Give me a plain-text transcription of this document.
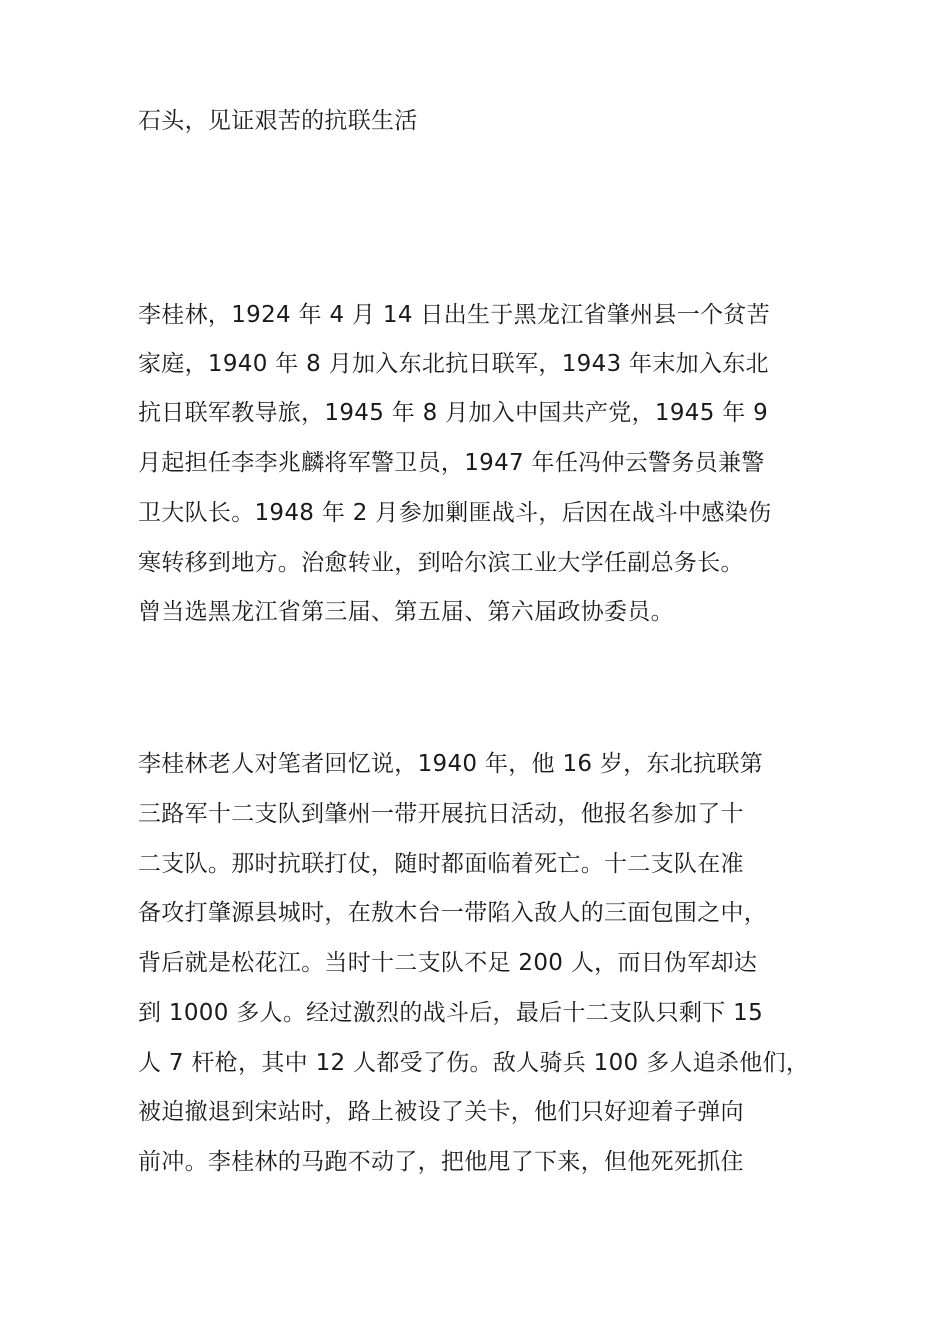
石头，见证艰苦的抗联生活

李桂林，1924 年 4 月 14 日出生于黑龙江省肇州县一个贫苦

家庭，1940 年 8 月加入东北抗日联军，1943 年末加入东北

抗日联军教导旅，1945 年 8 月加入中国共产党，1945 年 9

月起担任李李兆麟将军警卫员，1947 年任冯仲云警务员兼警

卫大队长。1948 年 2 月参加剿匪战斗，后因在战斗中感染伤

寒转移到地方。治愈转业，到哈尔滨工业大学任副总务长。

曾当选黑龙江省第三届、第五届、第六届政协委员。

李桂林老人对笔者回忆说，1940 年，他 16 岁，东北抗联第

三路军十二支队到肇州一带开展抗日活动，他报名参加了十

二支队。那时抗联打仗，随时都面临着死亡。十二支队在准

备攻打肇源县城时，在敖木台一带陷入敌人的三面包围之中，

背后就是松花江。当时十二支队不足 200 人，而日伪军却达

到 1000 多人。经过激烈的战斗后，最后十二支队只剩下 15

人 7 杆枪，其中 12 人都受了伤。敌人骑兵 100 多人追杀他们，

被迫撤退到宋站时，路上被设了关卡，他们只好迎着子弹向

前冲。李桂林的马跑不动了，把他甩了下来，但他死死抓住
